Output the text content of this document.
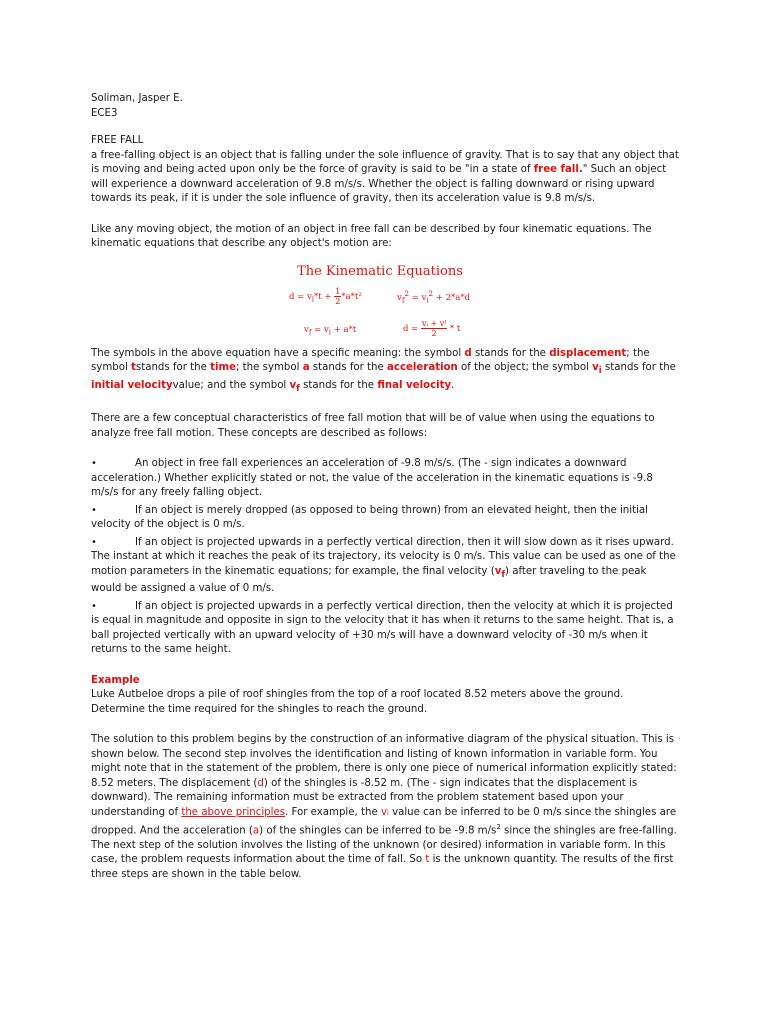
Soliman, Jasper E.

ECE3

FREE FALL

a free-falling object is an object that is falling under the sole influence of gravity. That is to say that any object that is moving and being acted upon only be the force of gravity is said to be "in a state of free fall." Such an object will experience a downward acceleration of 9.8 m/s/s. Whether the object is falling downward or rising upward towards its peak, if it is under the sole influence of gravity, then its acceleration value is 9.8 m/s/s.

Like any moving object, the motion of an object in free fall can be described by four kinematic equations. The kinematic equations that describe any object's motion are:

The Kinematic Equations
$d = v_i*t + \frac{1}{2} *a*t^2$	$v_f^2 = v_i^2 + 2*a*d$
$v_f = v_i + a*t$	$d = \frac{\text{vᵢ + vᶠ}}{2} * t$

The symbols in the above equation have a specific meaning: the symbol d stands for the displacement; the symbol tstands for the time; the symbol a stands for the acceleration of the object; the symbol $v_i$ stands for the initial velocityvalue; and the symbol $v_f$ stands for the final velocity.

There are a few conceptual characteristics of free fall motion that will be of value when using the equations to analyze free fall motion. These concepts are described as follows:

•	An object in free fall experiences an acceleration of -9.8 m/s/s. (The - sign indicates a downward acceleration.) Whether explicitly stated or not, the value of the acceleration in the kinematic equations is -9.8 m/s/s for any freely falling object.

•	If an object is merely dropped (as opposed to being thrown) from an elevated height, then the initial velocity of the object is 0 m/s.

•	If an object is projected upwards in a perfectly vertical direction, then it will slow down as it rises upward. The instant at which it reaches the peak of its trajectory, its velocity is 0 m/s. This value can be used as one of the motion parameters in the kinematic equations; for example, the final velocity $(v_f)$ after traveling to the peak would be assigned a value of 0 m/s.

•	If an object is projected upwards in a perfectly vertical direction, then the velocity at which it is projected is equal in magnitude and opposite in sign to the velocity that it has when it returns to the same height. That is, a ball projected vertically with an upward velocity of +30 m/s will have a downward velocity of -30 m/s when it returns to the same height.

Example

Luke Autbeloe drops a pile of roof shingles from the top of a roof located 8.52 meters above the ground. Determine the time required for the shingles to reach the ground.

The solution to this problem begins by the construction of an informative diagram of the physical situation. This is shown below. The second step involves the identification and listing of known information in variable form. You might note that in the statement of the problem, there is only one piece of numerical information explicitly stated: 8.52 meters. The displacement (d) of the shingles is -8.52 m. (The - sign indicates that the displacement is downward). The remaining information must be extracted from the problem statement based upon your understanding of the above principles. For example, the vᵢ value can be inferred to be 0 m/s since the shingles are dropped. And the acceleration (a) of the shingles can be inferred to be -9.8 $m/s^2$ since the shingles are free-falling. The next step of the solution involves the listing of the unknown (or desired) information in variable form. In this case, the problem requests information about the time of fall. So t is the unknown quantity. The results of the first three steps are shown in the table below.
